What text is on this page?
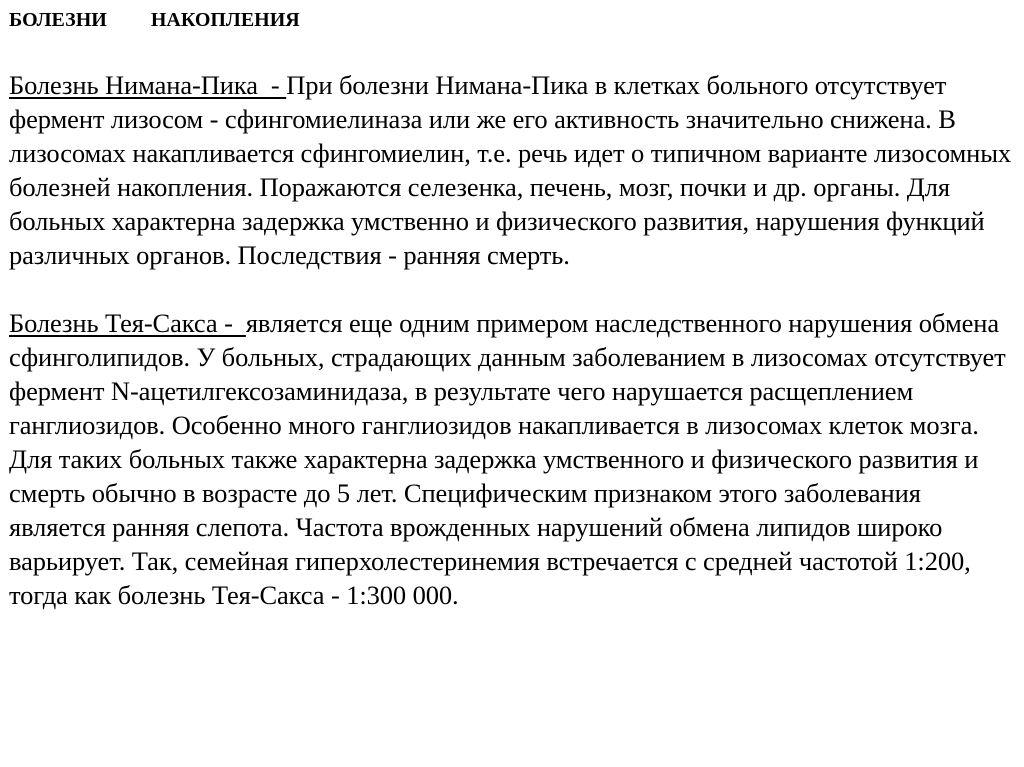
БОЛЕЗНИ НАКОПЛЕНИЯ

Болезнь Нимана-Пика  - При болезни Нимана-Пика в клетках больного отсутствует фермент лизосом - сфингомиелиназа или же его активность значительно снижена. В лизосомах накапливается сфингомиелин, т.е. речь идет о типичном варианте лизосомных болезней накопления. Поражаются селезенка, печень, мозг, почки и др. органы. Для больных характерна задержка умственно и физического развития, нарушения функций различных органов. Последствия - ранняя смерть.

Болезнь Тея-Сакса -  является еще одним примером наследственного нарушения обмена сфинголипидов. У больных, страдающих данным заболеванием в лизосомах отсутствует фермент N-ацетилгексозаминидаза, в результате чего нарушается расщеплением ганглиозидов. Особенно много ганглиозидов накапливается в лизосомах клеток мозга. Для таких больных также характерна задержка умственного и физического развития и смерть обычно в возрасте до 5 лет. Специфическим признаком этого заболевания является ранняя слепота. Частота врожденных нарушений обмена липидов широко варьирует. Так, семейная гиперхолестеринемия встречается с средней частотой 1:200, тогда как болезнь Тея-Сакса - 1:300 000.
